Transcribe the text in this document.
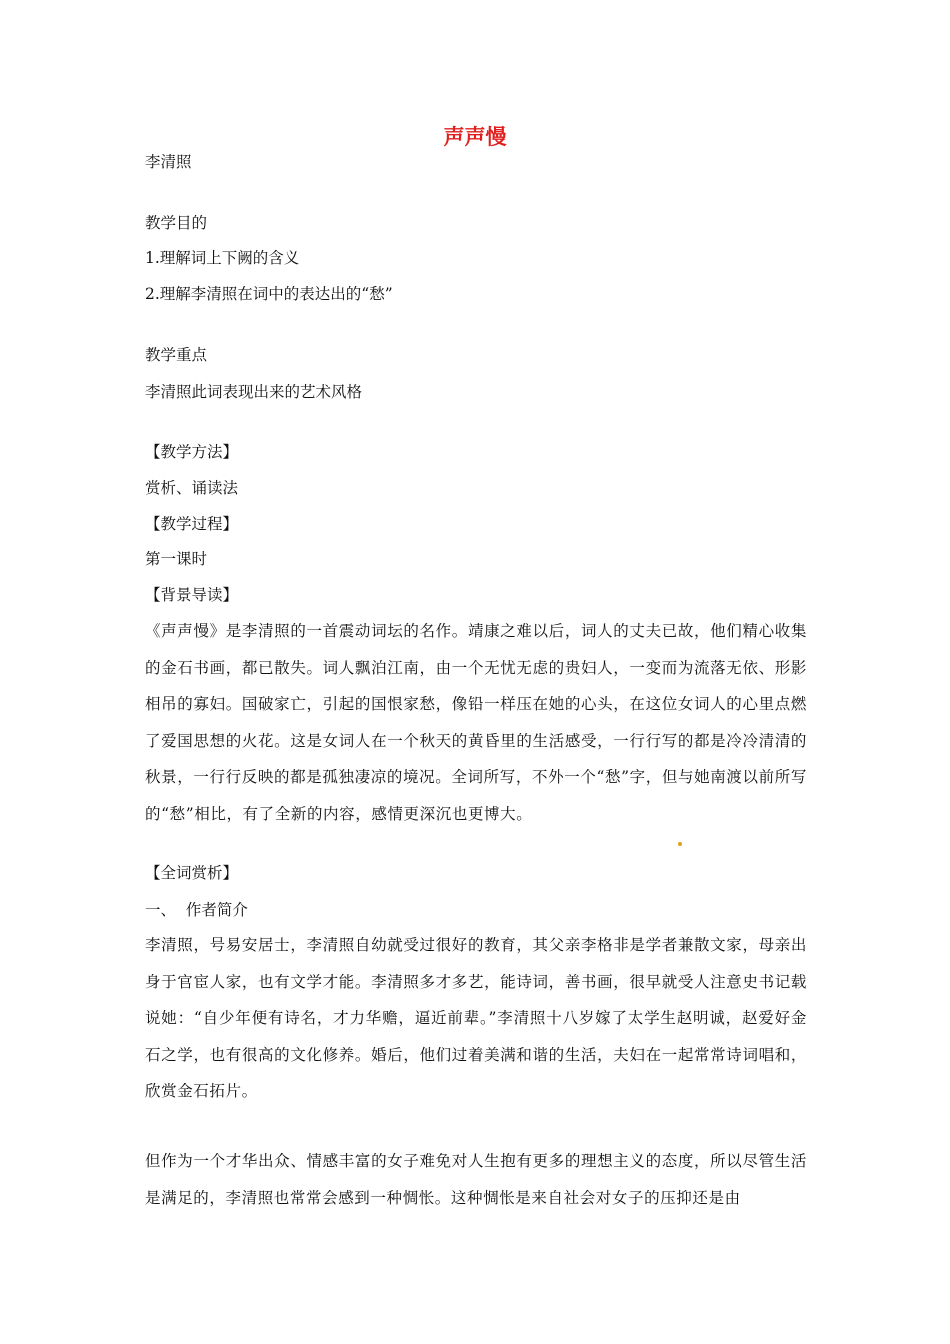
声声慢
李清照
教学目的
1.理解词上下阙的含义
2.理解李清照在词中的表达出的“愁”
教学重点
李清照此词表现出来的艺术风格
【教学方法】
赏析、诵读法
【教学过程】
第一课时
【背景导读】
《声声慢》是李清照的一首震动词坛的名作。靖康之难以后，词人的丈夫已故，他们精心收集的金石书画，都已散失。词人飘泊江南，由一个无忧无虑的贵妇人，一变而为流落无依、形影相吊的寡妇。国破家亡，引起的国恨家愁，像铅一样压在她的心头，在这位女词人的心里点燃了爱国思想的火花。这是女词人在一个秋天的黄昏里的生活感受，一行行写的都是冷冷清清的秋景，一行行反映的都是孤独凄凉的境况。全词所写，不外一个“愁”字，但与她南渡以前所写的“愁”相比，有了全新的内容，感情更深沉也更博大。
【全词赏析】
一、  作者简介
李清照，号易安居士，李清照自幼就受过很好的教育，其父亲李格非是学者兼散文家，母亲出身于官宦人家，也有文学才能。李清照多才多艺，能诗词，善书画，很早就受人注意史书记载说她：“自少年便有诗名，才力华赡，逼近前辈。”李清照十八岁嫁了太学生赵明诚，赵爱好金石之学，也有很高的文化修养。婚后，他们过着美满和谐的生活，夫妇在一起常常诗词唱和，欣赏金石拓片。
但作为一个才华出众、情感丰富的女子难免对人生抱有更多的理想主义的态度，所以尽管生活是满足的，李清照也常常会感到一种惆怅。这种惆怅是来自社会对女子的压抑还是由
